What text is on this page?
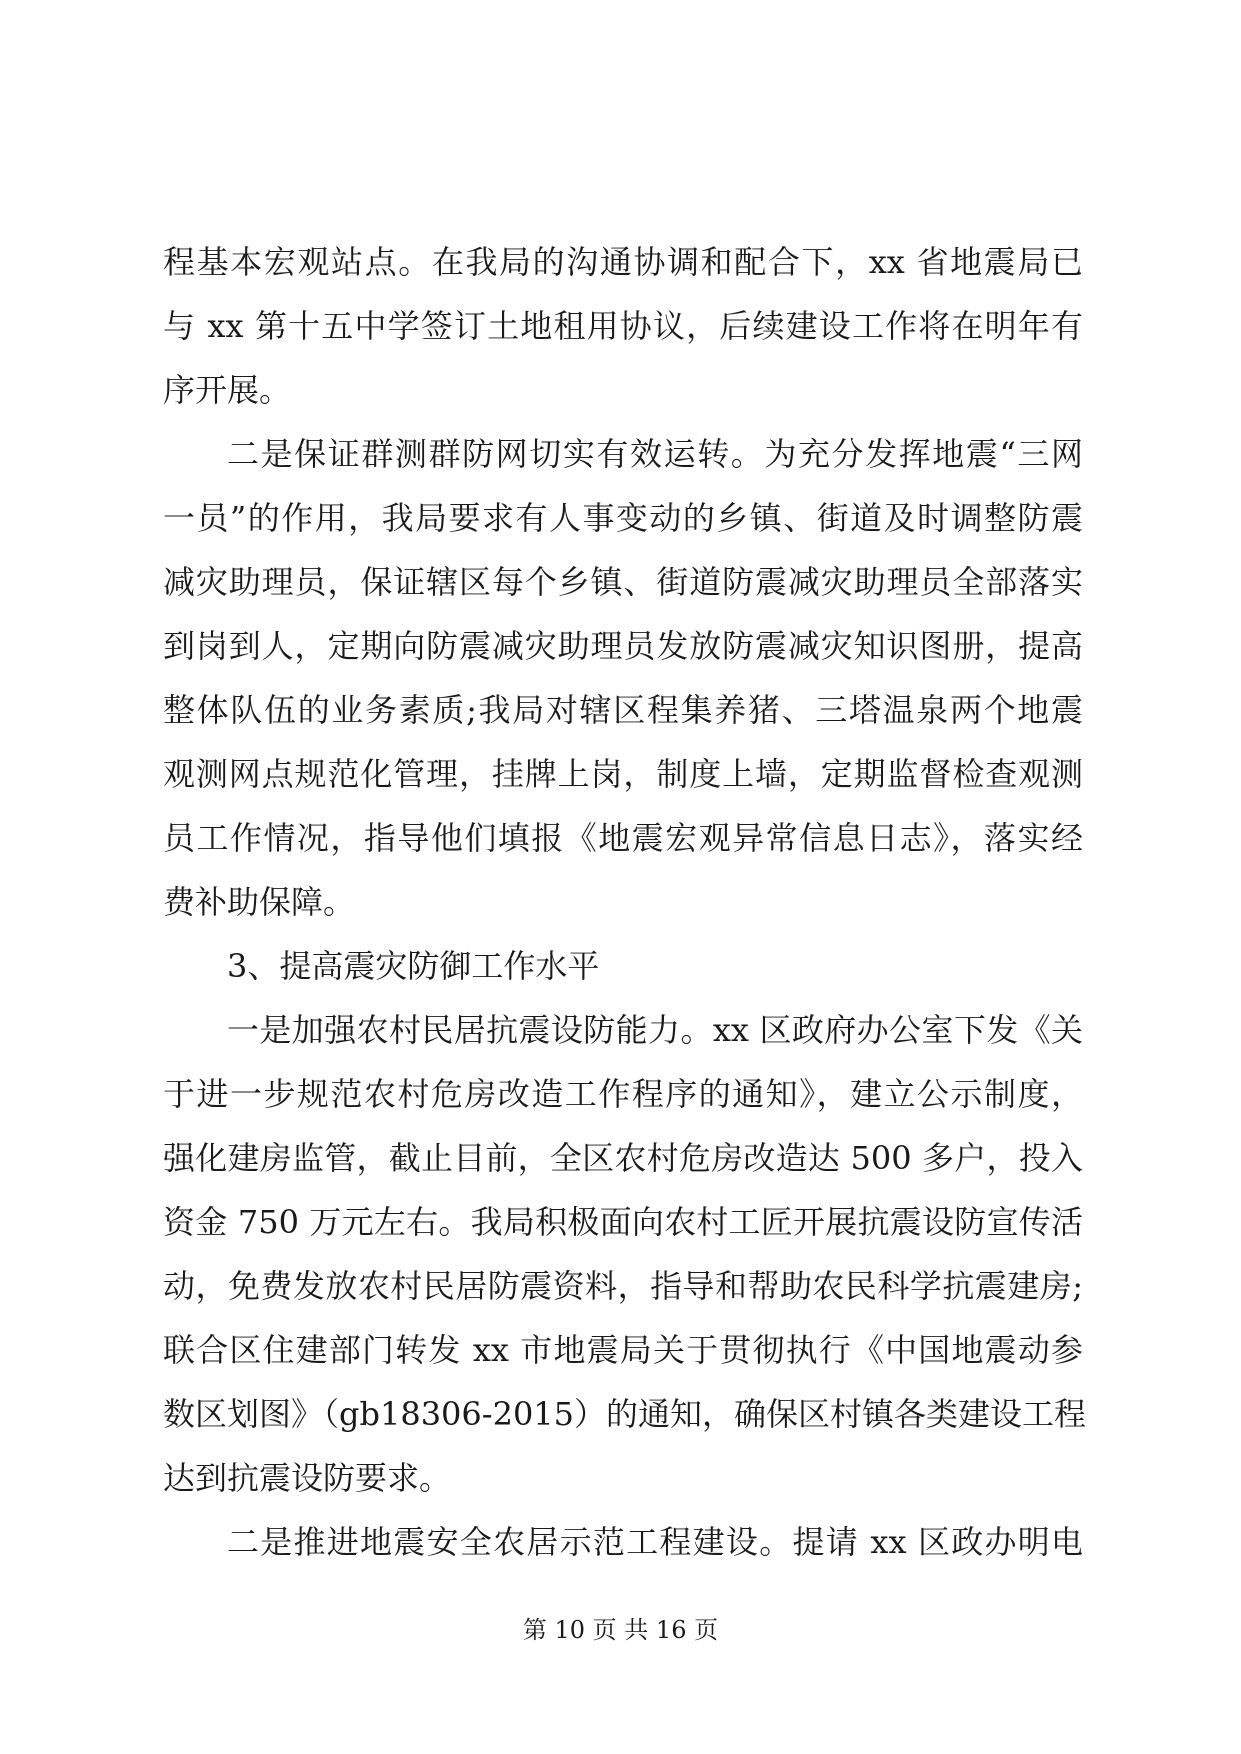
程基本宏观站点。在我局的沟通协调和配合下，xx 省地震局已
与 xx 第十五中学签订土地租用协议，后续建设工作将在明年有
序开展。
二是保证群测群防网切实有效运转。为充分发挥地震“三网
一员”的作用，我局要求有人事变动的乡镇、街道及时调整防震
减灾助理员，保证辖区每个乡镇、街道防震减灾助理员全部落实
到岗到人，定期向防震减灾助理员发放防震减灾知识图册，提高
整体队伍的业务素质;我局对辖区程集养猪、三塔温泉两个地震
观测网点规范化管理，挂牌上岗，制度上墙，定期监督检查观测
员工作情况，指导他们填报《地震宏观异常信息日志》，落实经
费补助保障。
3、提高震灾防御工作水平
一是加强农村民居抗震设防能力。xx 区政府办公室下发《关
于进一步规范农村危房改造工作程序的通知》，建立公示制度，
强化建房监管，截止目前，全区农村危房改造达 500 多户，投入
资金 750 万元左右。我局积极面向农村工匠开展抗震设防宣传活
动，免费发放农村民居防震资料，指导和帮助农民科学抗震建房;
联合区住建部门转发 xx 市地震局关于贯彻执行《中国地震动参
数区划图》（gb18306-2015）的通知，确保区村镇各类建设工程
达到抗震设防要求。
二是推进地震安全农居示范工程建设。提请 xx 区政办明电
第 10 页 共 16 页
